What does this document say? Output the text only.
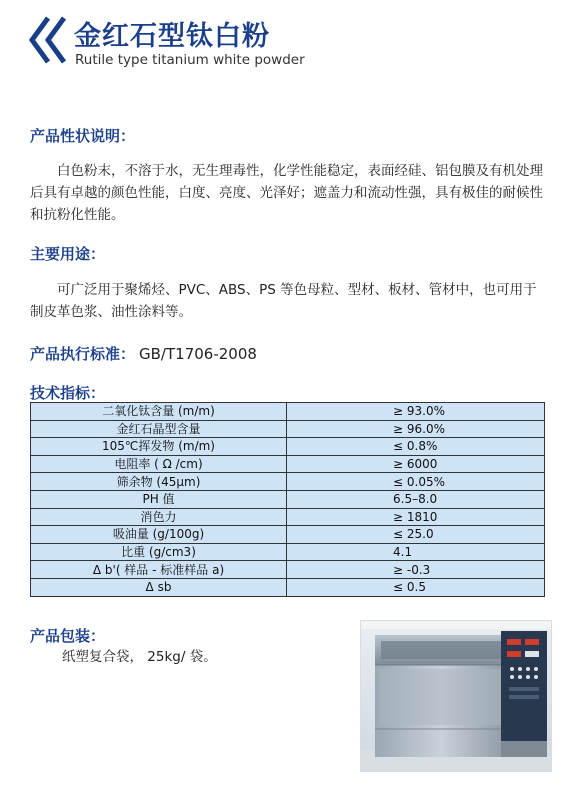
金红石型钛白粉
Rutile type titanium white powder
产品性状说明：
白色粉末，不溶于水，无生理毒性，化学性能稳定，表面经硅、铝包膜及有机处理后具有卓越的颜色性能，白度、亮度、光泽好；遮盖力和流动性强，具有极佳的耐候性和抗粉化性能。
主要用途：
可广泛用于聚烯烃、PVC、ABS、PS 等色母粒、型材、板材、管材中，也可用于制皮革色浆、油性涂料等。
产品执行标准： GB/T1706-2008
技术指标：
二氧化钛含量 (m/m)	≥ 93.0%
金红石晶型含量	≥ 96.0%
105℃挥发物 (m/m)	≤ 0.8%
电阻率 ( Ω /cm)	≥ 6000
筛余物 (45μm)	≤ 0.05%
PH 值	6.5–8.0
消色力	≥ 1810
吸油量 (g/100g)	≤ 25.0
比重 (g/cm3)	4.1
Δ b'( 样品 - 标准样品 a)	≥ -0.3
Δ sb	≤ 0.5
产品包装：
纸塑复合袋， 25kg/ 袋。
